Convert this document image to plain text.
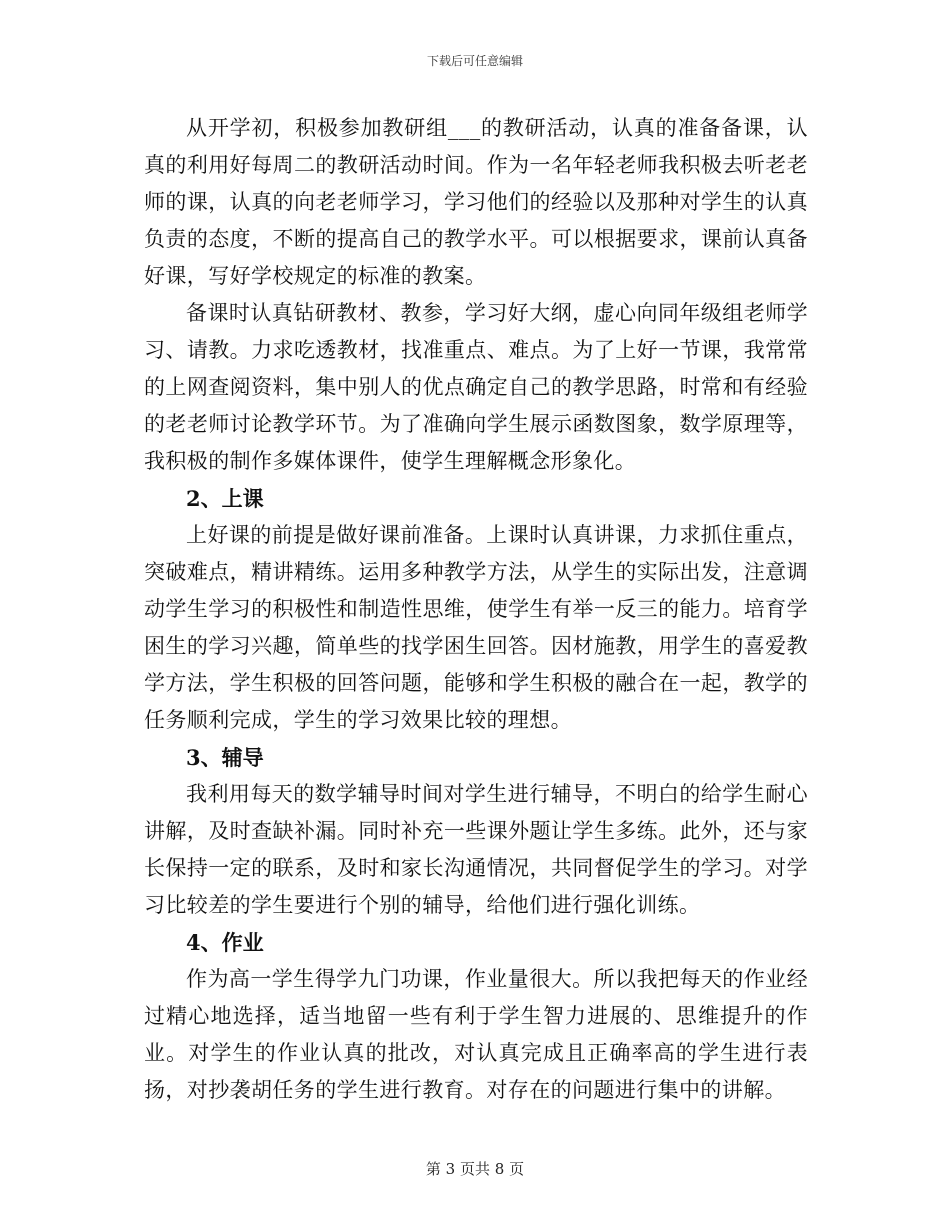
下载后可任意编辑

从开学初，积极参加教研组___的教研活动，认真的准备备课，认真的利用好每周二的教研活动时间。作为一名年轻老师我积极去听老老师的课，认真的向老老师学习，学习他们的经验以及那种对学生的认真负责的态度，不断的提高自己的教学水平。可以根据要求，课前认真备好课，写好学校规定的标准的教案。

备课时认真钻研教材、教参，学习好大纲，虚心向同年级组老师学习、请教。力求吃透教材，找准重点、难点。为了上好一节课，我常常的上网查阅资料，集中别人的优点确定自己的教学思路，时常和有经验的老老师讨论教学环节。为了准确向学生展示函数图象，数学原理等，我积极的制作多媒体课件，使学生理解概念形象化。

2、上课

上好课的前提是做好课前准备。上课时认真讲课，力求抓住重点，突破难点，精讲精练。运用多种教学方法，从学生的实际出发，注意调动学生学习的积极性和制造性思维，使学生有举一反三的能力。培育学困生的学习兴趣，简单些的找学困生回答。因材施教，用学生的喜爱教学方法，学生积极的回答问题，能够和学生积极的融合在一起，教学的任务顺利完成，学生的学习效果比较的理想。

3、辅导

我利用每天的数学辅导时间对学生进行辅导，不明白的给学生耐心讲解，及时查缺补漏。同时补充一些课外题让学生多练。此外，还与家长保持一定的联系，及时和家长沟通情况，共同督促学生的学习。对学习比较差的学生要进行个别的辅导，给他们进行强化训练。

4、作业

作为高一学生得学九门功课，作业量很大。所以我把每天的作业经过精心地选择，适当地留一些有利于学生智力进展的、思维提升的作业。对学生的作业认真的批改，对认真完成且正确率高的学生进行表扬，对抄袭胡任务的学生进行教育。对存在的问题进行集中的讲解。

第 3 页共 8 页
